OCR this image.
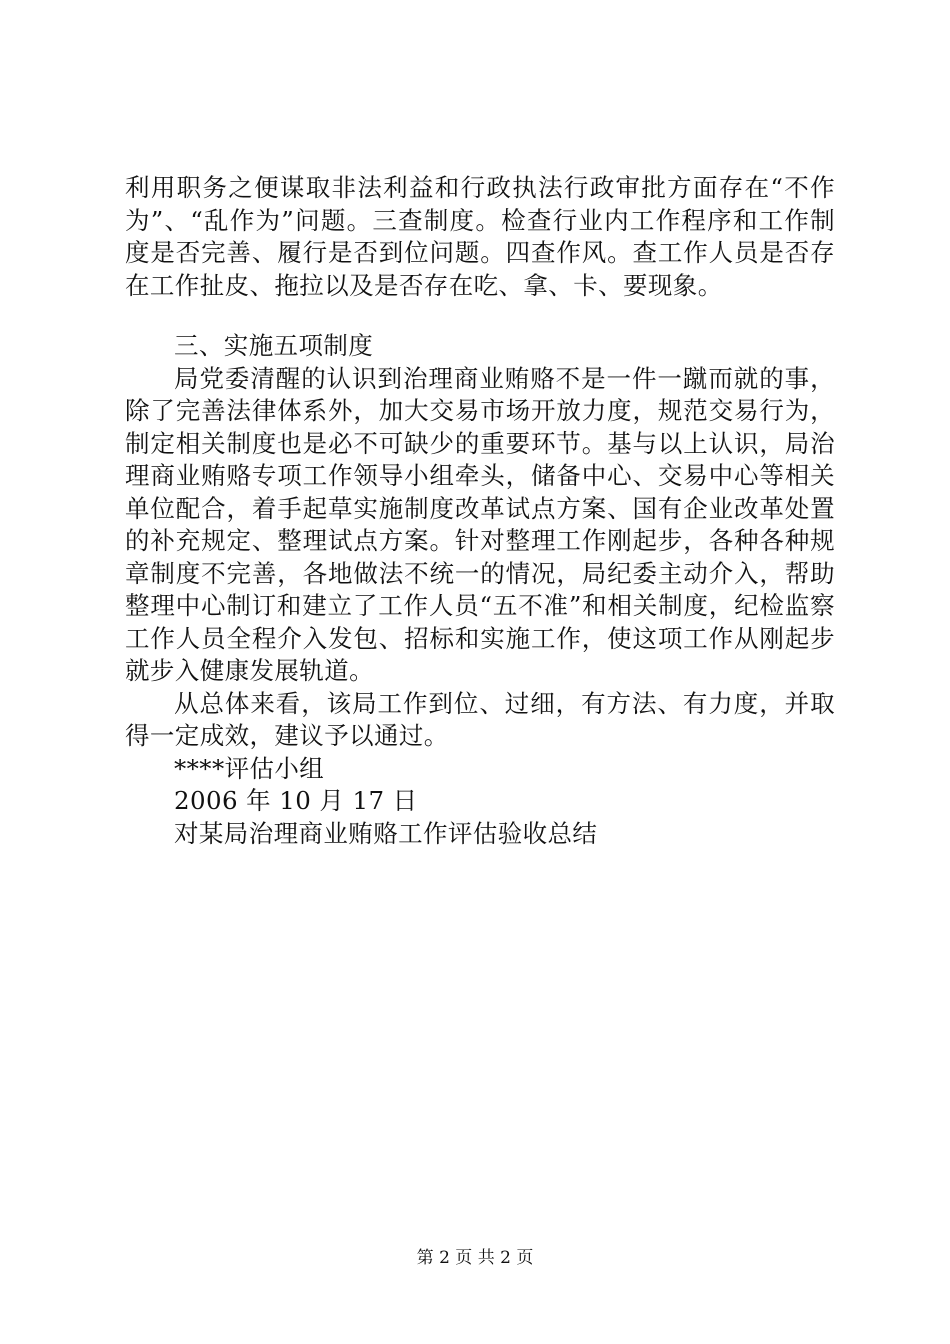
利用职务之便谋取非法利益和行政执法行政审批方面存在“不作为”、“乱作为”问题。三查制度。检查行业内工作程序和工作制度是否完善、履行是否到位问题。四查作风。查工作人员是否存在工作扯皮、拖拉以及是否存在吃、拿、卡、要现象。

三、实施五项制度

局党委清醒的认识到治理商业贿赂不是一件一蹴而就的事，除了完善法律体系外，加大交易市场开放力度，规范交易行为，制定相关制度也是必不可缺少的重要环节。基与以上认识，局治理商业贿赂专项工作领导小组牵头，储备中心、交易中心等相关单位配合，着手起草实施制度改革试点方案、国有企业改革处置的补充规定、整理试点方案。针对整理工作刚起步，各种各种规章制度不完善，各地做法不统一的情况，局纪委主动介入，帮助整理中心制订和建立了工作人员“五不准”和相关制度，纪检监察工作人员全程介入发包、招标和实施工作，使这项工作从刚起步就步入健康发展轨道。

从总体来看，该局工作到位、过细，有方法、有力度，并取得一定成效，建议予以通过。

****评估小组

2006 年 10 月 17 日

对某局治理商业贿赂工作评估验收总结

第 2 页 共 2 页
